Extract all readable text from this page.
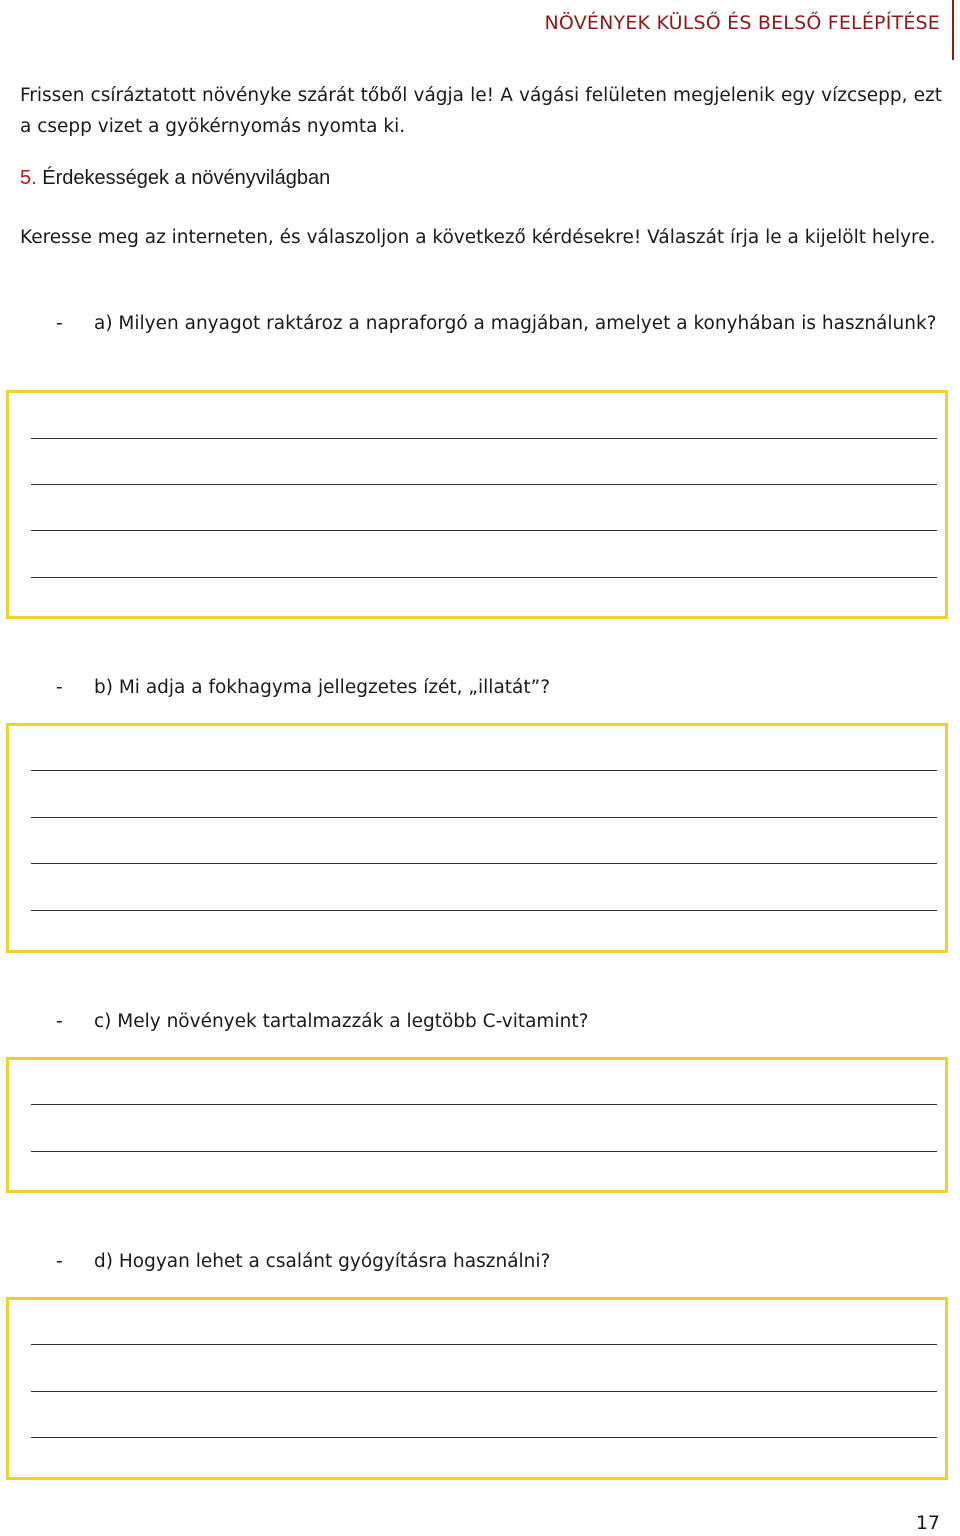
NÖVÉNYEK KÜLSŐ ÉS BELSŐ FELÉPÍTÉSE

Frissen csíráztatott növényke szárát tőből vágja le! A vágási felületen megjelenik egy vízcsepp, ezt a csepp vizet a gyökérnyomás nyomta ki.

5. Érdekességek a növényvilágban

Keresse meg az interneten, és válaszoljon a következő kérdésekre! Válaszát írja le a kijelölt helyre.

- a) Milyen anyagot raktároz a napraforgó a magjában, amelyet a konyhában is használunk?
- b) Mi adja a fokhagyma jellegzetes ízét, „illatát”?
- c) Mely növények tartalmazzák a legtöbb C-vitamint?
- d) Hogyan lehet a csalánt gyógyításra használni?
17
